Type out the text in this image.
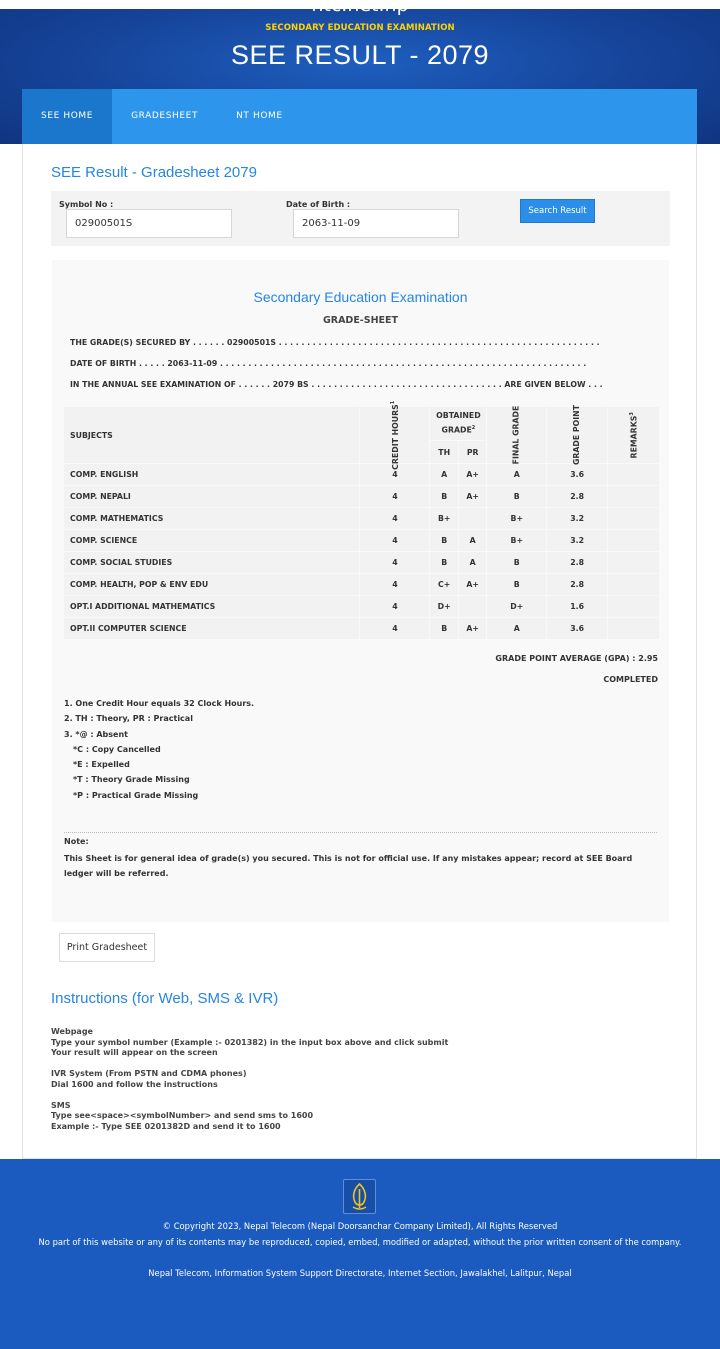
SECONDARY EDUCATION EXAMINATION
SEE RESULT - 2079
SEE Result - Gradesheet 2079
Symbol No :
02900501S
Date of Birth :
2063-11-09
Search Result
Secondary Education Examination
GRADE-SHEET
THE GRADE(S) SECURED BY . . . . . . 02900501S . . . . . . . . . . . . . . . . . . . . . . . . . . . . . . . . . . . . . . . . . . . . . . . . . . . . . . . . .
DATE OF BIRTH . . . . . 2063-11-09 . . . . . . . . . . . . . . . . . . . . . . . . . . . . . . . . . . . . . . . . . . . . . . . . . . . . . . . . . . . . . . . . .
IN THE ANNUAL SEE EXAMINATION OF . . . . . . 2079 BS . . . . . . . . . . . . . . . . . . . . . . . . . . . . . . . . . . ARE GIVEN BELOW . . .
SUBJECTS	CREDIT HOURS$^1$	OBTAINED GRADE$^2$		FINAL GRADE	GRADE POINT	REMARKS$^3$
		TH	PR			
COMP. ENGLISH	4	A	A+	A	3.6	
COMP. NEPALI	4	B	A+	B	2.8	
COMP. MATHEMATICS	4	B+		B+	3.2	
COMP. SCIENCE	4	B	A	B+	3.2	
COMP. SOCIAL STUDIES	4	B	A	B	2.8	
COMP. HEALTH, POP & ENV EDU	4	C+	A+	B	2.8	
OPT.I ADDITIONAL MATHEMATICS	4	D+		D+	1.6	
OPT.II COMPUTER SCIENCE	4	B	A+	A	3.6	
GRADE POINT AVERAGE (GPA) : 2.95
COMPLETED
1. One Credit Hour equals 32 Clock Hours.
2. TH : Theory, PR : Practical
3. *@ : Absent
*C : Copy Cancelled
*E : Expelled
*T : Theory Grade Missing
*P : Practical Grade Missing
Note:
This Sheet is for general idea of grade(s) you secured. This is not for official use. If any mistakes appear; record at SEE Board ledger will be referred.
Print Gradesheet
Instructions (for Web, SMS & IVR)
Webpage
Type your symbol number (Example :- 0201382) in the input box above and click submit
Your result will appear on the screen
IVR System (From PSTN and CDMA phones)
Dial 1600 and follow the instructions
SMS
Type see<space><symbolNumber> and send sms to 1600
Example :- Type SEE 0201382D and send it to 1600
SEE HOME	GRADESHEET	NT HOME
© Copyright 2023, Nepal Telecom (Nepal Doorsanchar Company Limited), All Rights Reserved
No part of this website or any of its contents may be reproduced, copied, embed, modified or adapted, without the prior written consent of the company.
Nepal Telecom, Information System Support Directorate, Internet Section, Jawalakhel, Lalitpur, Nepal
